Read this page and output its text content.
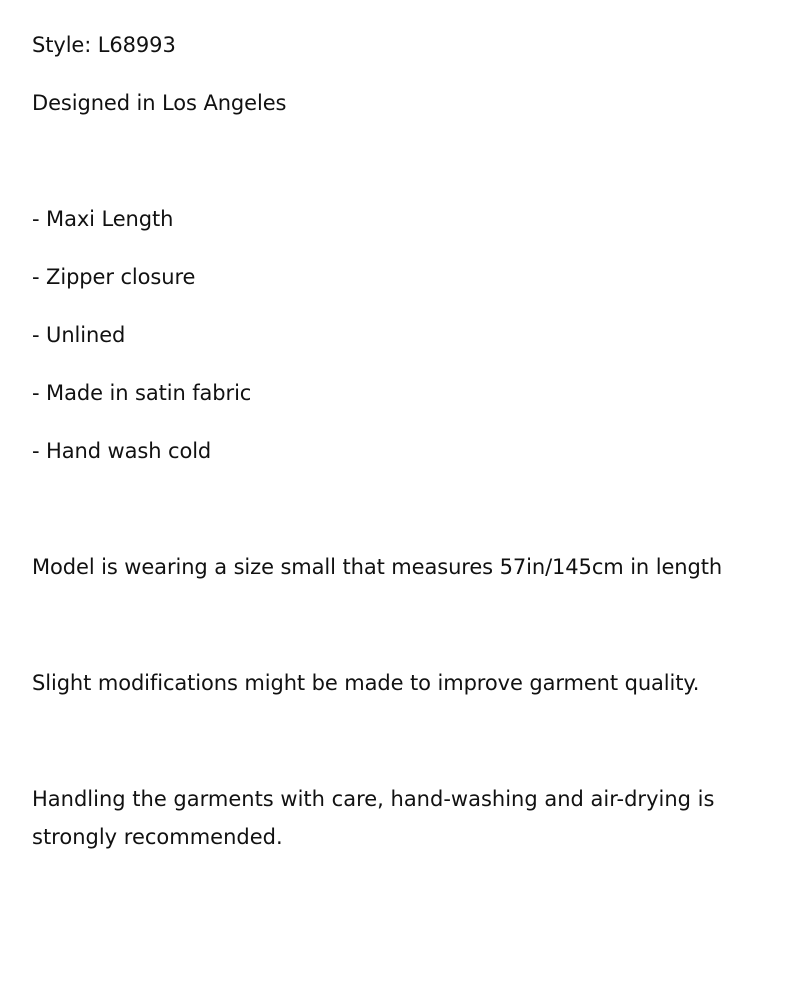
Style: L68993
Designed in Los Angeles
- Maxi Length
- Zipper closure
- Unlined
- Made in satin fabric
- Hand wash cold
Model is wearing a size small that measures 57in/145cm in length
Slight modifications might be made to improve garment quality.
Handling the garments with care, hand-washing and air-drying is strongly recommended.
